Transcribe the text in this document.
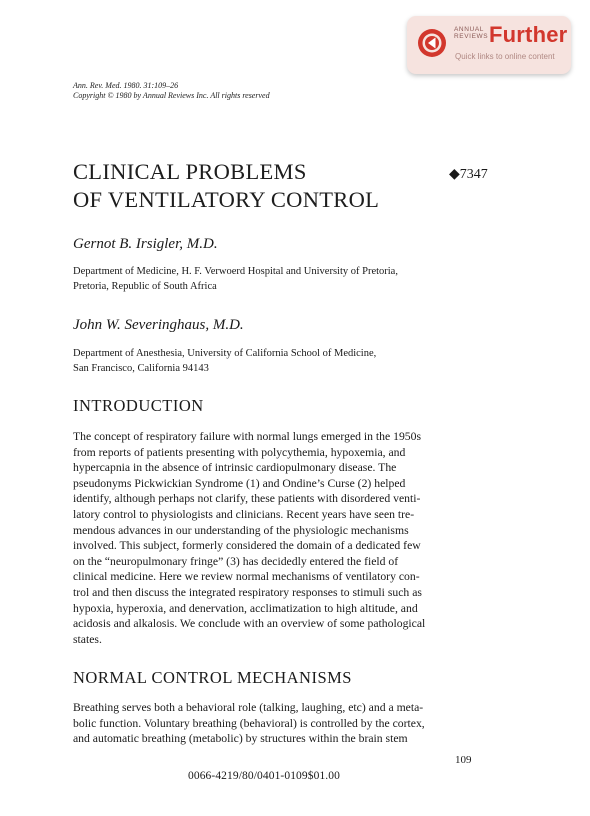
ANNUAL
REVIEWS Further
Quick links to online content
Ann. Rev. Med. 1980. 31:109–26
Copyright © 1980 by Annual Reviews Inc. All rights reserved
CLINICAL PROBLEMS
OF VENTILATORY CONTROL
◆7347
Gernot B. Irsigler, M.D.
Department of Medicine, H. F. Verwoerd Hospital and University of Pretoria,
Pretoria, Republic of South Africa
John W. Severinghaus, M.D.
Department of Anesthesia, University of California School of Medicine,
San Francisco, California 94143
INTRODUCTION
The concept of respiratory failure with normal lungs emerged in the 1950s
from reports of patients presenting with polycythemia, hypoxemia, and
hypercapnia in the absence of intrinsic cardiopulmonary disease. The
pseudonyms Pickwickian Syndrome (1) and Ondine’s Curse (2) helped
identify, although perhaps not clarify, these patients with disordered venti-
latory control to physiologists and clinicians. Recent years have seen tre-
mendous advances in our understanding of the physiologic mechanisms
involved. This subject, formerly considered the domain of a dedicated few
on the “neuropulmonary fringe” (3) has decidedly entered the field of
clinical medicine. Here we review normal mechanisms of ventilatory con-
trol and then discuss the integrated respiratory responses to stimuli such as
hypoxia, hyperoxia, and denervation, acclimatization to high altitude, and
acidosis and alkalosis. We conclude with an overview of some pathological
states.
NORMAL CONTROL MECHANISMS
Breathing serves both a behavioral role (talking, laughing, etc) and a meta-
bolic function. Voluntary breathing (behavioral) is controlled by the cortex,
and automatic breathing (metabolic) by structures within the brain stem
109
0066-4219/80/0401-0109$01.00
